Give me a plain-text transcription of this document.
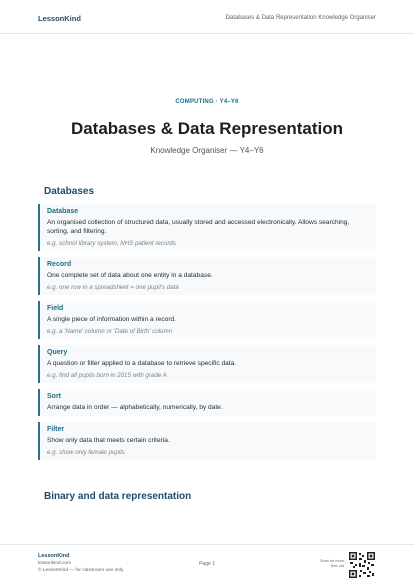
LessonKind	Databases & Data Representation Knowledge Organiser
COMPUTING · Y4–Y6
Databases & Data Representation
Knowledge Organiser — Y4–Y6
Databases
Database
An organised collection of structured data, usually stored and accessed electronically. Allows searching, sorting, and filtering.
e.g. school library system, NHS patient records
Record
One complete set of data about one entity in a database.
e.g. one row in a spreadsheet = one pupil's data
Field
A single piece of information within a record.
e.g. a 'Name' column or 'Date of Birth' column
Query
A question or filter applied to a database to retrieve specific data.
e.g. find all pupils born in 2015 with grade A
Sort
Arrange data in order — alphabetically, numerically, by date.
Filter
Show only data that meets certain criteria.
e.g. show only female pupils
Binary and data representation
LessonKind
lessonkind.com
© LessonKind — for classroom use only
Page 1	Scan for more free out
